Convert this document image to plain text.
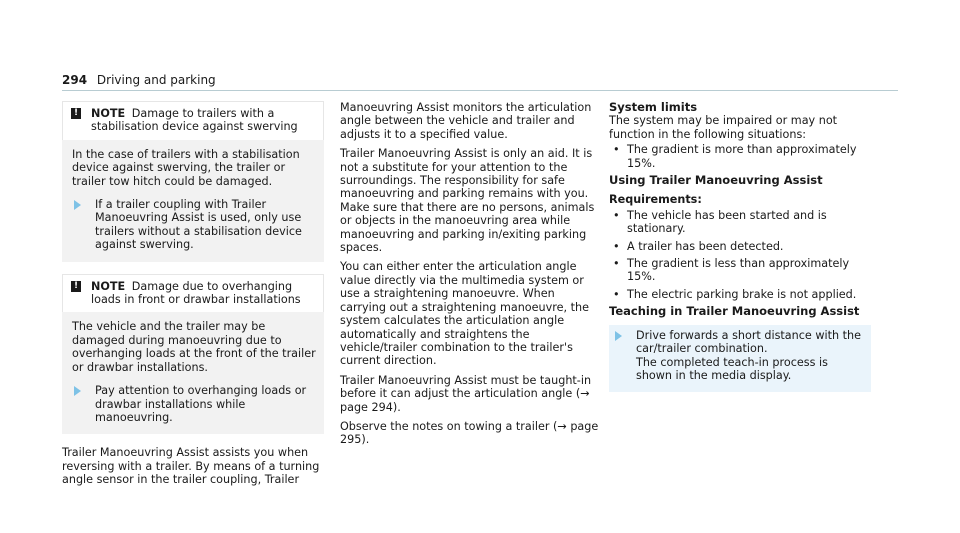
294 Driving and parking
! NOTE Damage to trailers with a stabilisation device against swerving

In the case of trailers with a stabilisation device against swerving, the trailer or trailer tow hitch could be damaged.

If a trailer coupling with Trailer Manoeuvring Assist is used, only use trailers without a stabilisation device against swerving.
! NOTE Damage due to overhanging loads in front or drawbar installations

The vehicle and the trailer may be damaged during manoeuvring due to overhanging loads at the front of the trailer or drawbar installations.

Pay attention to overhanging loads or drawbar installations while manoeuvring.

Trailer Manoeuvring Assist assists you when reversing with a trailer. By means of a turning angle sensor in the trailer coupling, Trailer

Manoeuvring Assist monitors the articulation angle between the vehicle and trailer and adjusts it to a specified value.

Trailer Manoeuvring Assist is only an aid. It is not a substitute for your attention to the surroundings. The responsibility for safe manoeuvring and parking remains with you. Make sure that there are no persons, animals or objects in the manoeuvring area while manoeuvring and parking in/exiting parking spaces.

You can either enter the articulation angle value directly via the multimedia system or use a straightening manoeuvre. When carrying out a straightening manoeuvre, the system calculates the articulation angle automatically and straightens the vehicle/trailer combination to the trailer's current direction.

Trailer Manoeuvring Assist must be taught-in before it can adjust the articulation angle (→ page 294).

Observe the notes on towing a trailer (→ page 295).

System limits

The system may be impaired or may not function in the following situations:

• The gradient is more than approximately 15%.

Using Trailer Manoeuvring Assist

Requirements:

• The vehicle has been started and is stationary.
• A trailer has been detected.
• The gradient is less than approximately 15%.
• The electric parking brake is not applied.

Teaching in Trailer Manoeuvring Assist

Drive forwards a short distance with the car/trailer combination.
The completed teach-in process is shown in the media display.
